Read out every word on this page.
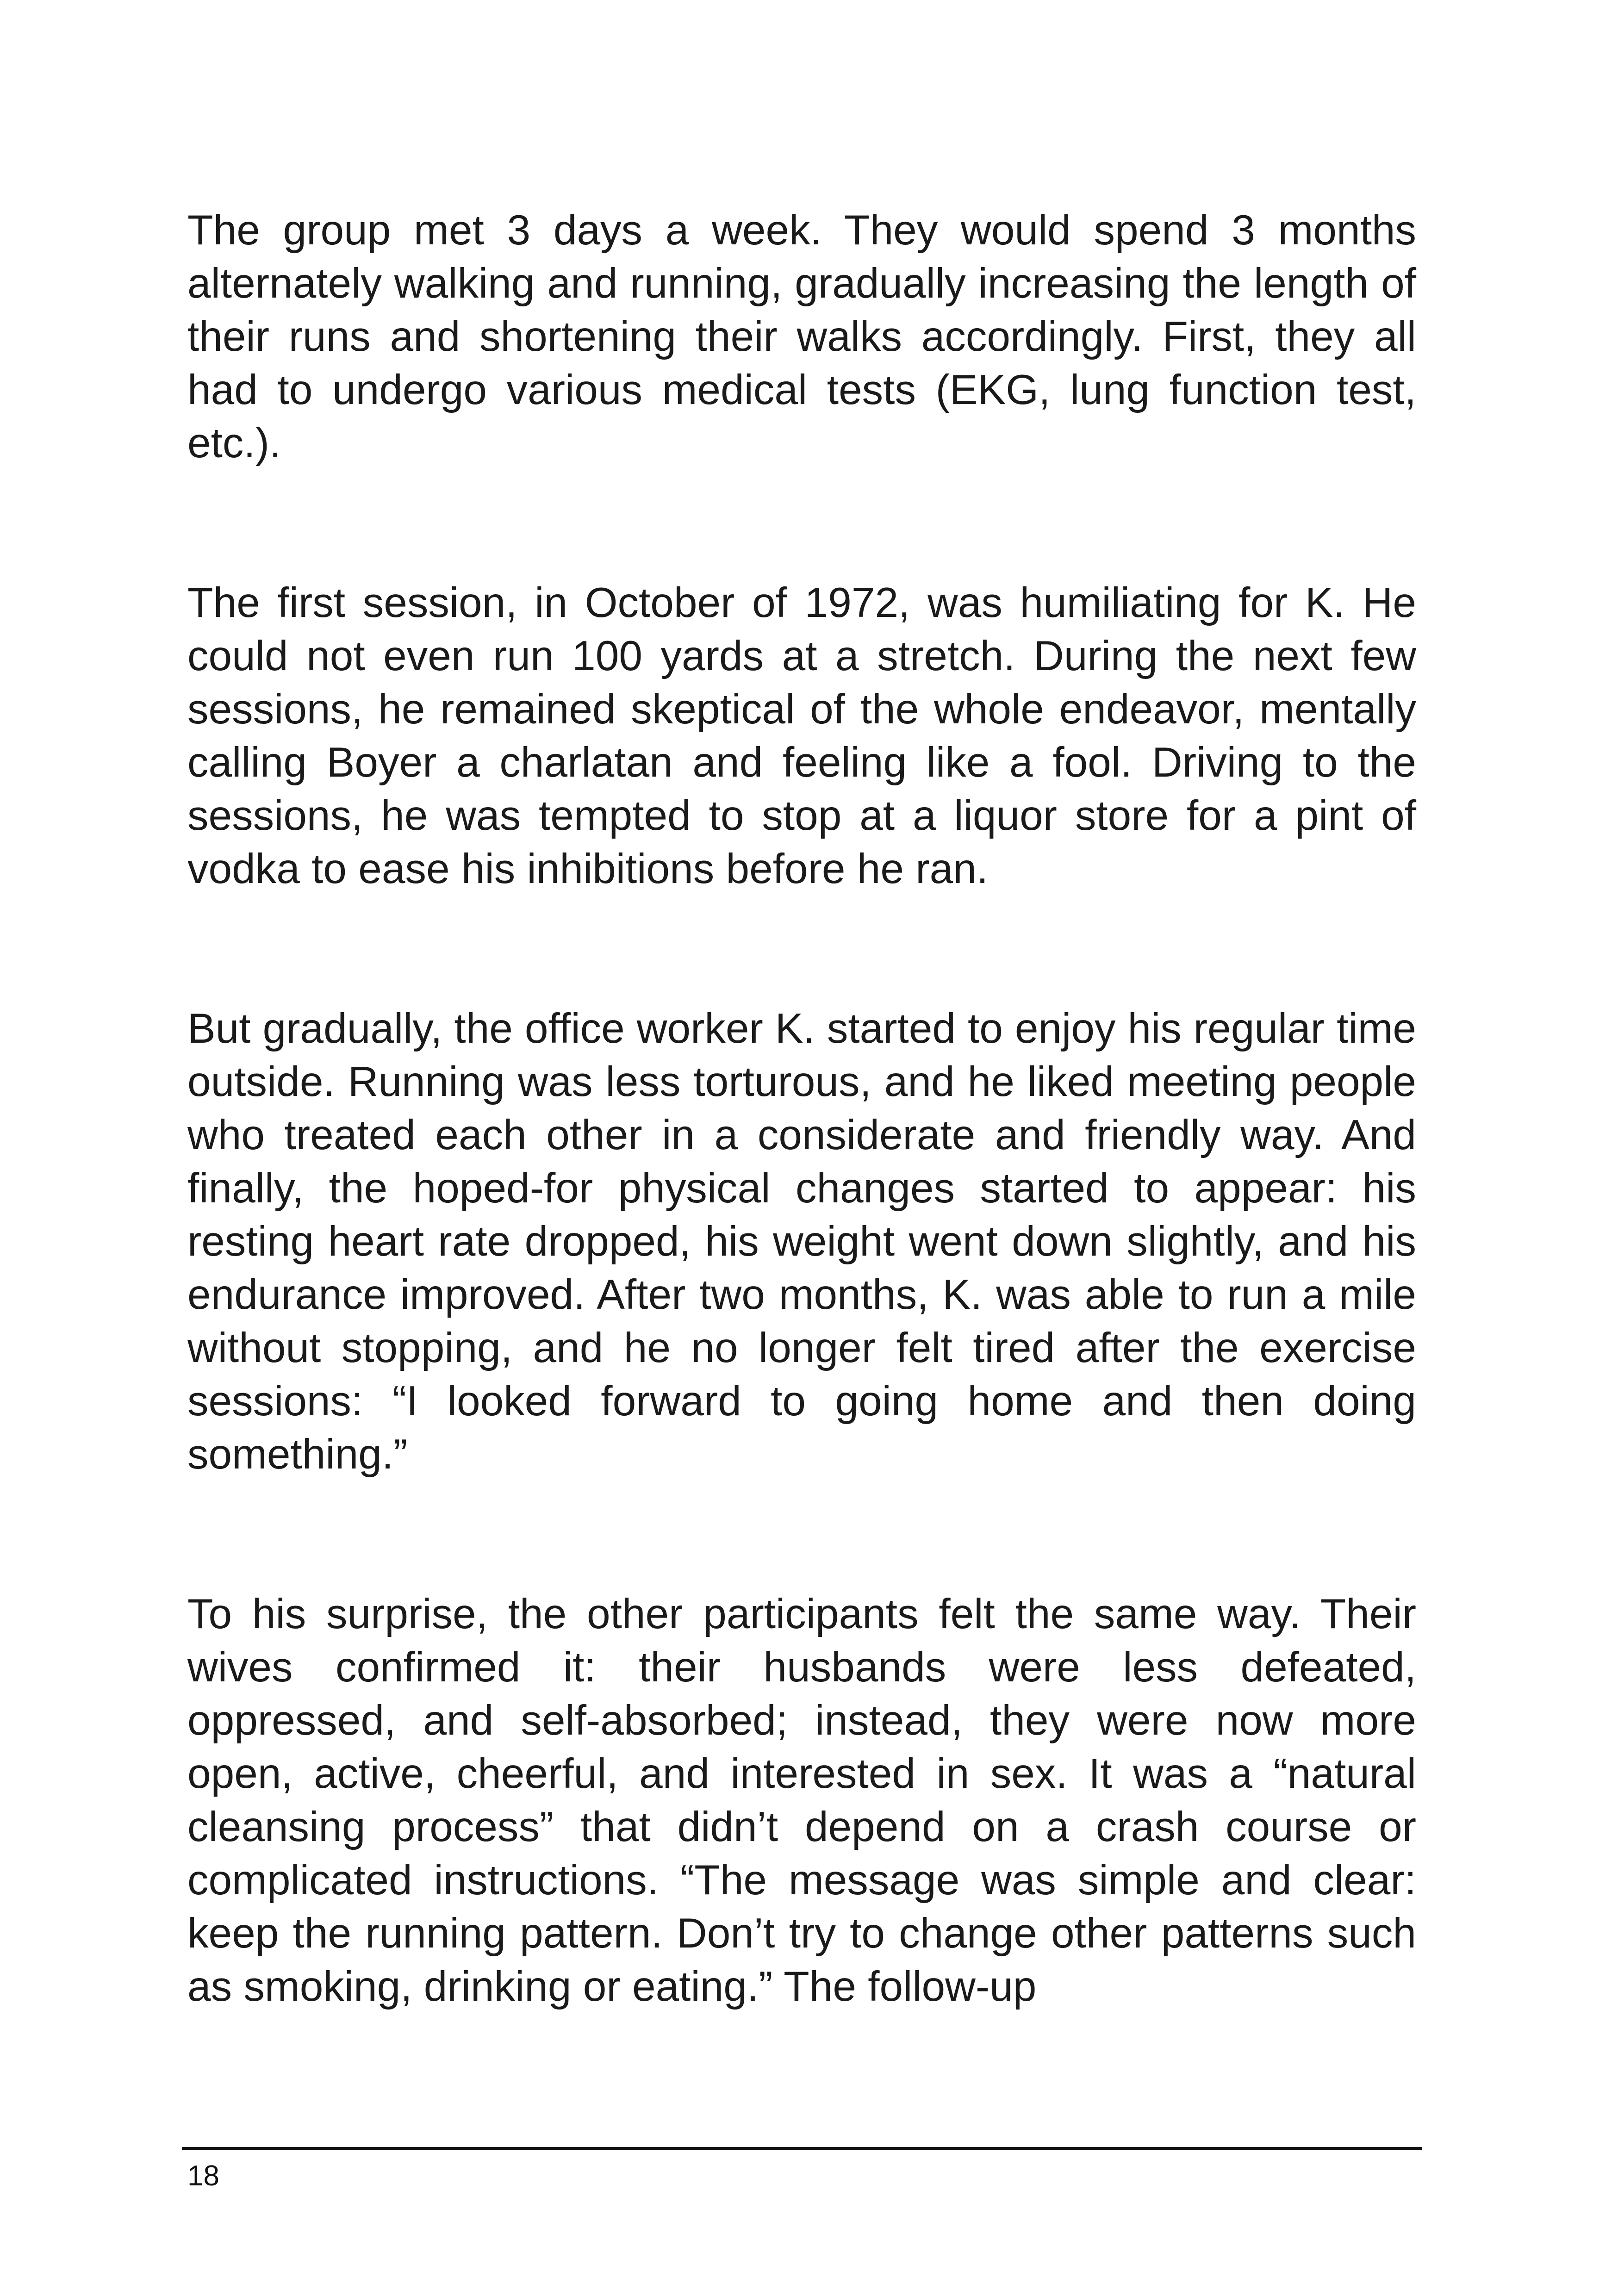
The group met 3 days a week. They would spend 3 months alternately walking and running, gradually increasing the length of their runs and shortening their walks accordingly. First, they all had to undergo various medical tests (EKG, lung function test, etc.).

The first session, in October of 1972, was humiliating for K. He could not even run 100 yards at a stretch. During the next few sessions, he remained skeptical of the whole endeavor, mentally calling Boyer a charlatan and feeling like a fool. Driving to the sessions, he was tempted to stop at a liquor store for a pint of vodka to ease his inhibitions before he ran.

But gradually, the office worker K. started to enjoy his regular time outside. Running was less torturous, and he liked meeting people who treated each other in a considerate and friendly way. And finally, the hoped-for physical changes started to appear: his resting heart rate dropped, his weight went down slightly, and his endurance improved. After two months, K. was able to run a mile without stopping, and he no longer felt tired after the exercise sessions: “I looked forward to going home and then doing something.”

To his surprise, the other participants felt the same way. Their wives confirmed it: their husbands were less defeated, oppressed, and self-absorbed; instead, they were now more open, active, cheerful, and interested in sex. It was a “natural cleansing process” that didn’t depend on a crash course or complicated instructions. “The message was simple and clear: keep the running pattern. Don’t try to change other patterns such as smoking, drinking or eating.” The follow-up

18
